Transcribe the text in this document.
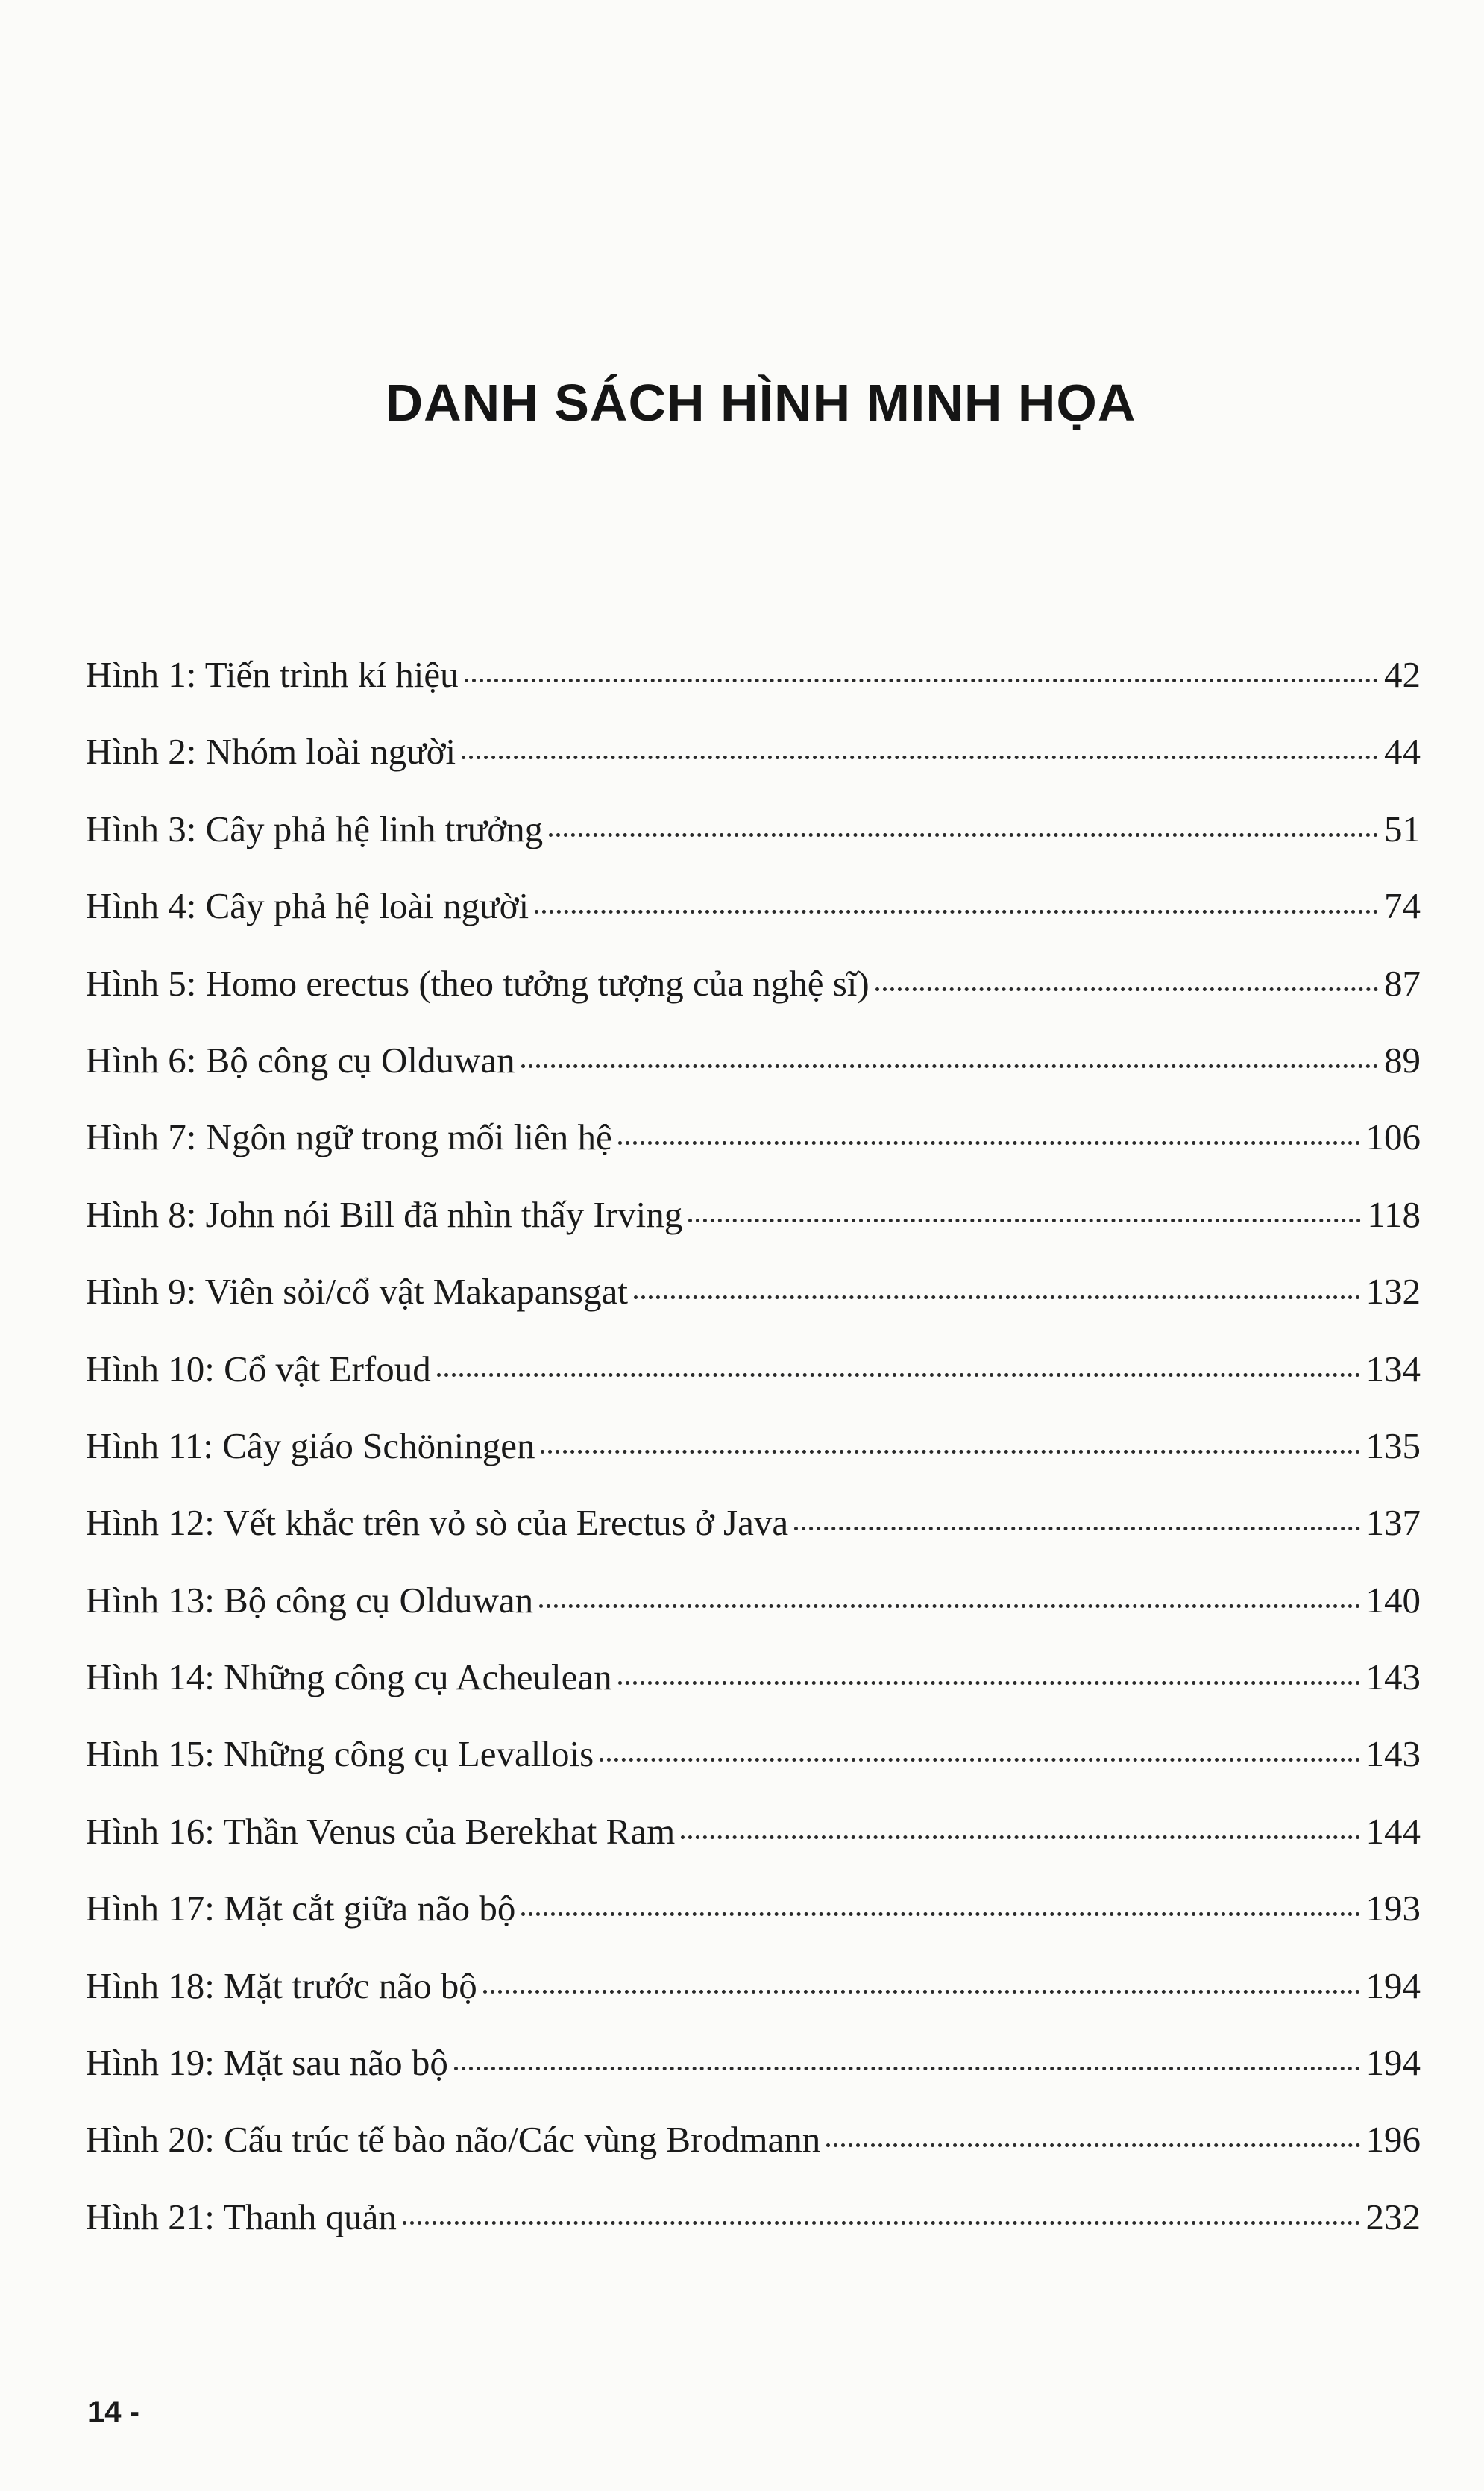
DANH SÁCH HÌNH MINH HỌA
Hình 1: Tiến trình kí hiệu	42
Hình 2: Nhóm loài người	44
Hình 3: Cây phả hệ linh trưởng	51
Hình 4: Cây phả hệ loài người	74
Hình 5: Homo erectus (theo tưởng tượng của nghệ sĩ)	87
Hình 6: Bộ công cụ Olduwan	89
Hình 7: Ngôn ngữ trong mối liên hệ	106
Hình 8: John nói Bill đã nhìn thấy Irving	118
Hình 9: Viên sỏi/cổ vật Makapansgat	132
Hình 10: Cổ vật Erfoud	134
Hình 11: Cây giáo Schöningen	135
Hình 12: Vết khắc trên vỏ sò của Erectus ở Java	137
Hình 13: Bộ công cụ Olduwan	140
Hình 14: Những công cụ Acheulean	143
Hình 15: Những công cụ Levallois	143
Hình 16: Thần Venus của Berekhat Ram	144
Hình 17: Mặt cắt giữa não bộ	193
Hình 18: Mặt trước não bộ	194
Hình 19: Mặt sau não bộ	194
Hình 20: Cấu trúc tế bào não/Các vùng Brodmann	196
Hình 21: Thanh quản	232
14 -
